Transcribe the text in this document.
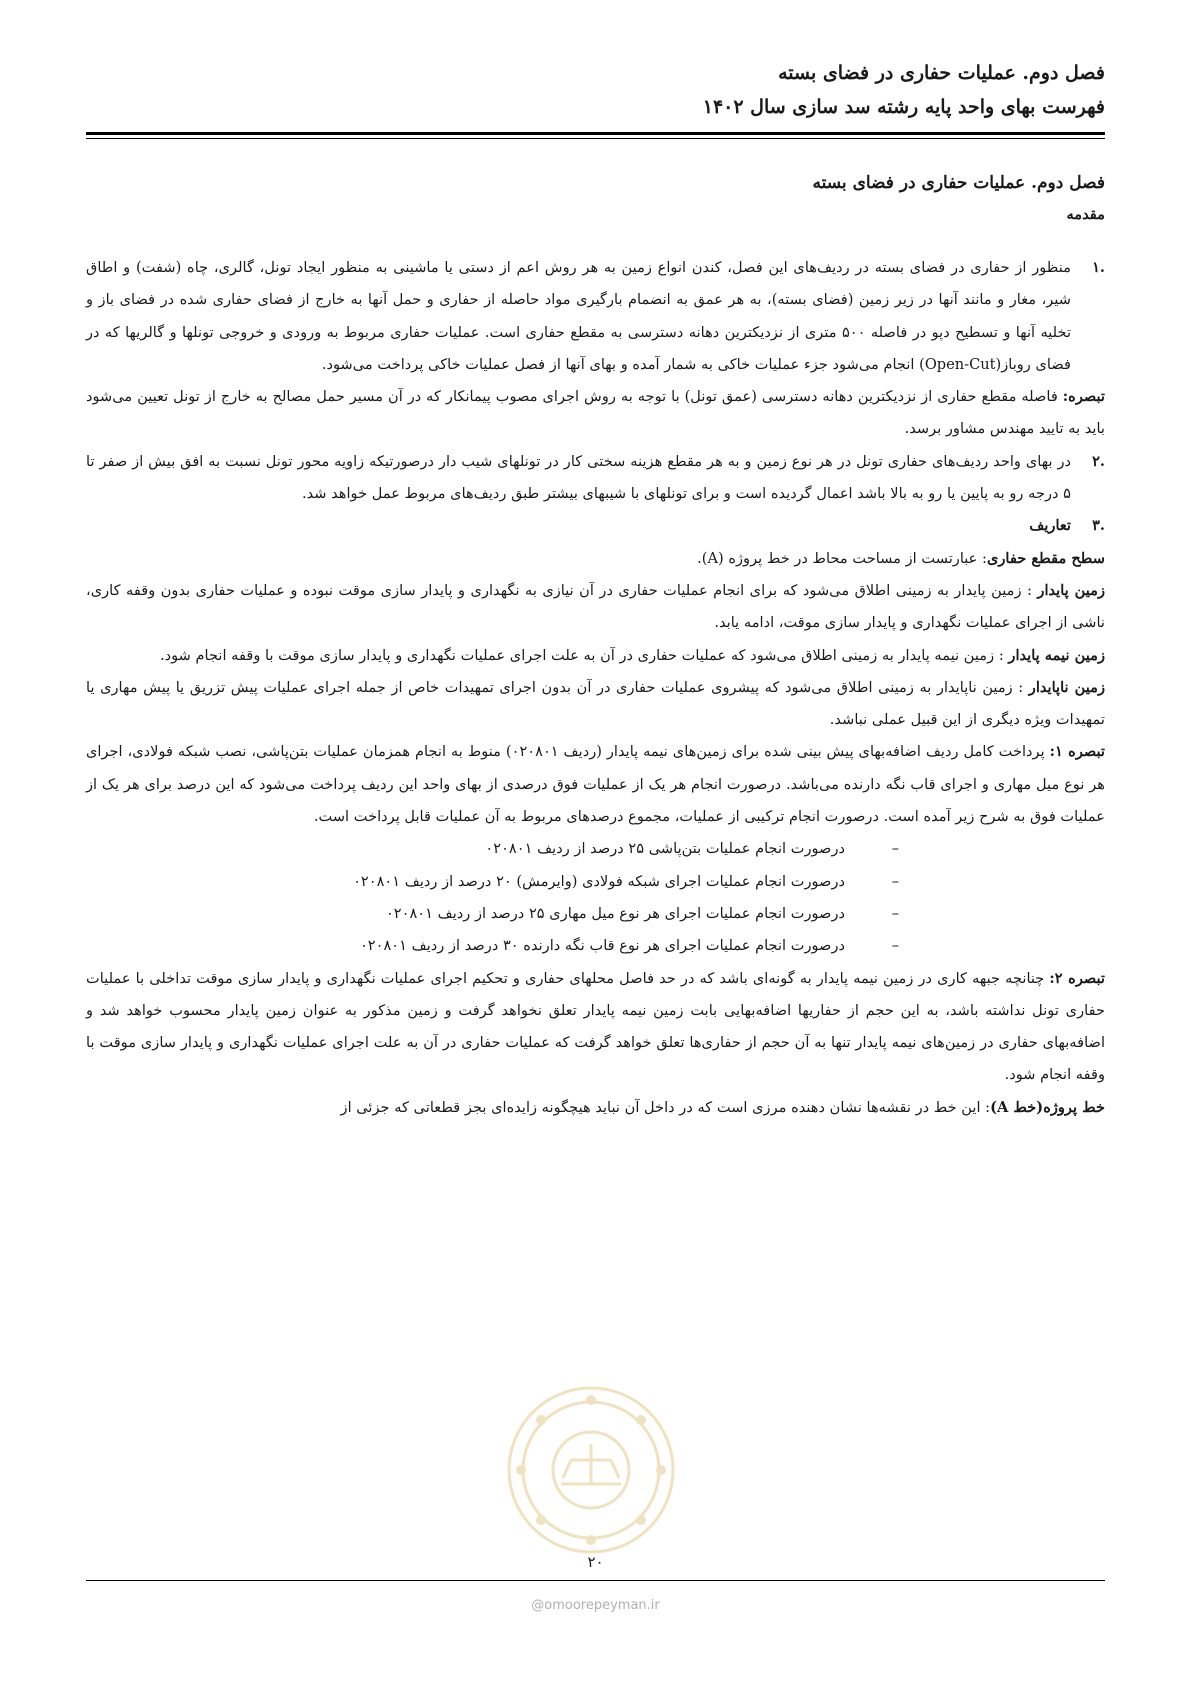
فصل دوم. عملیات حفاری در فضای بسته
فهرست بهای واحد پایه رشته سد سازی سال ۱۴۰۲
فصل دوم. عملیات حفاری در فضای بسته
مقدمه
.۱

منظور از حفاری در فضای بسته در ردیف‌های این فصل، کندن انواع زمین به هر روش اعم از دستی یا ماشینی به منظور ایجاد تونل، گالری، چاه (شفت) و اطاق شیر، مغار و مانند آنها در زیر زمین (فضای بسته)، به هر عمق به انضمام بارگیری مواد حاصله از حفاری و حمل آنها به خارج از فضای حفاری شده در فضای باز و تخلیه آنها و تسطیح دپو در فاصله ۵۰۰ متری از نزدیکترین دهانه دسترسی به مقطع حفاری است. عملیات حفاری مربوط به ورودی و خروجی تونلها و گالریها که در فضای روباز(Open-Cut) انجام می‌شود جزء عملیات خاکی به شمار آمده و بهای آنها از فصل عملیات خاکی پرداخت می‌شود.

تبصره: فاصله مقطع حفاری از نزدیکترین دهانه دسترسی (عمق تونل) با توجه به روش اجرای مصوب پیمانکار که در آن مسیر حمل مصالح به خارج از تونل تعیین می‌شود باید به تایید مهندس مشاور برسد.

.۲

در بهای واحد ردیف‌های حفاری تونل در هر نوع زمین و به هر مقطع هزینه سختی کار در تونلهای شیب دار درصورتیکه زاویه محور تونل نسبت به افق بیش از صفر تا ۵ درجه رو به پایین یا رو به بالا باشد اعمال گردیده است و برای تونلهای با شیبهای بیشتر طبق ردیف‌های مربوط عمل خواهد شد.

.۳

تعاریف

سطح مقطع حفاری: عبارتست از مساحت محاط در خط پروژه (A).

زمین پایدار : زمین پایدار به زمینی اطلاق می‌شود که برای انجام عملیات حفاری در آن نیازی به نگهداری و پایدار سازی موقت نبوده و عملیات حفاری بدون وقفه کاری، ناشی از اجرای عملیات نگهداری و پایدار سازی موقت، ادامه یابد.

زمین نیمه پایدار : زمین نیمه پایدار به زمینی اطلاق می‌شود که عملیات حفاری در آن به علت اجرای عملیات نگهداری و پایدار سازی موقت با وقفه انجام شود.

زمین ناپایدار : زمین ناپایدار به زمینی اطلاق می‌شود که پیشروی عملیات حفاری در آن بدون اجرای تمهیدات خاص از جمله اجرای عملیات پیش تزریق یا پیش مهاری یا تمهیدات ویژه دیگری از این قبیل عملی نباشد.

تبصره ۱: پرداخت کامل ردیف اضافه‌بهای پیش بینی شده برای زمین‌های نیمه پایدار (ردیف ۰۲۰۸۰۱) منوط به انجام همزمان عملیات بتن‌پاشی، نصب شبکه فولادی، اجرای هر نوع میل مهاری و اجرای قاب نگه دارنده می‌باشد. درصورت انجام هر یک از عملیات فوق درصدی از بهای واحد این ردیف پرداخت می‌شود که این درصد برای هر یک از عملیات فوق به شرح زیر آمده است. درصورت انجام ترکیبی از عملیات، مجموع درصدهای مربوط به آن عملیات قابل پرداخت است.

–
درصورت انجام عملیات بتن‌پاشی ۲۵ درصد از ردیف ۰۲۰۸۰۱
–
درصورت انجام عملیات اجرای شبکه فولادی (وایرمش) ۲۰ درصد از ردیف ۰۲۰۸۰۱
–
درصورت انجام عملیات اجرای هر نوع میل مهاری ۲۵ درصد از ردیف ۰۲۰۸۰۱
–
درصورت انجام عملیات اجرای هر نوع قاب نگه دارنده ۳۰ درصد از ردیف ۰۲۰۸۰۱

تبصره ۲: چنانچه جبهه کاری در زمین نیمه پایدار به گونه‌ای باشد که در حد فاصل محلهای حفاری و تحکیم اجرای عملیات نگهداری و پایدار سازی موقت تداخلی با عملیات حفاری تونل نداشته باشد، به این حجم از حفاریها اضافه‌بهایی بابت زمین نیمه پایدار تعلق نخواهد گرفت و زمین مذکور به عنوان زمین پایدار محسوب خواهد شد و اضافه‌بهای حفاری در زمین‌های نیمه پایدار تنها به آن حجم از حفاری‌ها تعلق خواهد گرفت که عملیات حفاری در آن به علت اجرای عملیات نگهداری و پایدار سازی موقت با وقفه انجام شود.

خط پروژه(خط A): این خط در نقشه‌ها نشان دهنده مرزی است که در داخل آن نباید هیچگونه زایده‌ای بجز قطعاتی که جزئی از

۲۰
@omoorepeyman.ir
